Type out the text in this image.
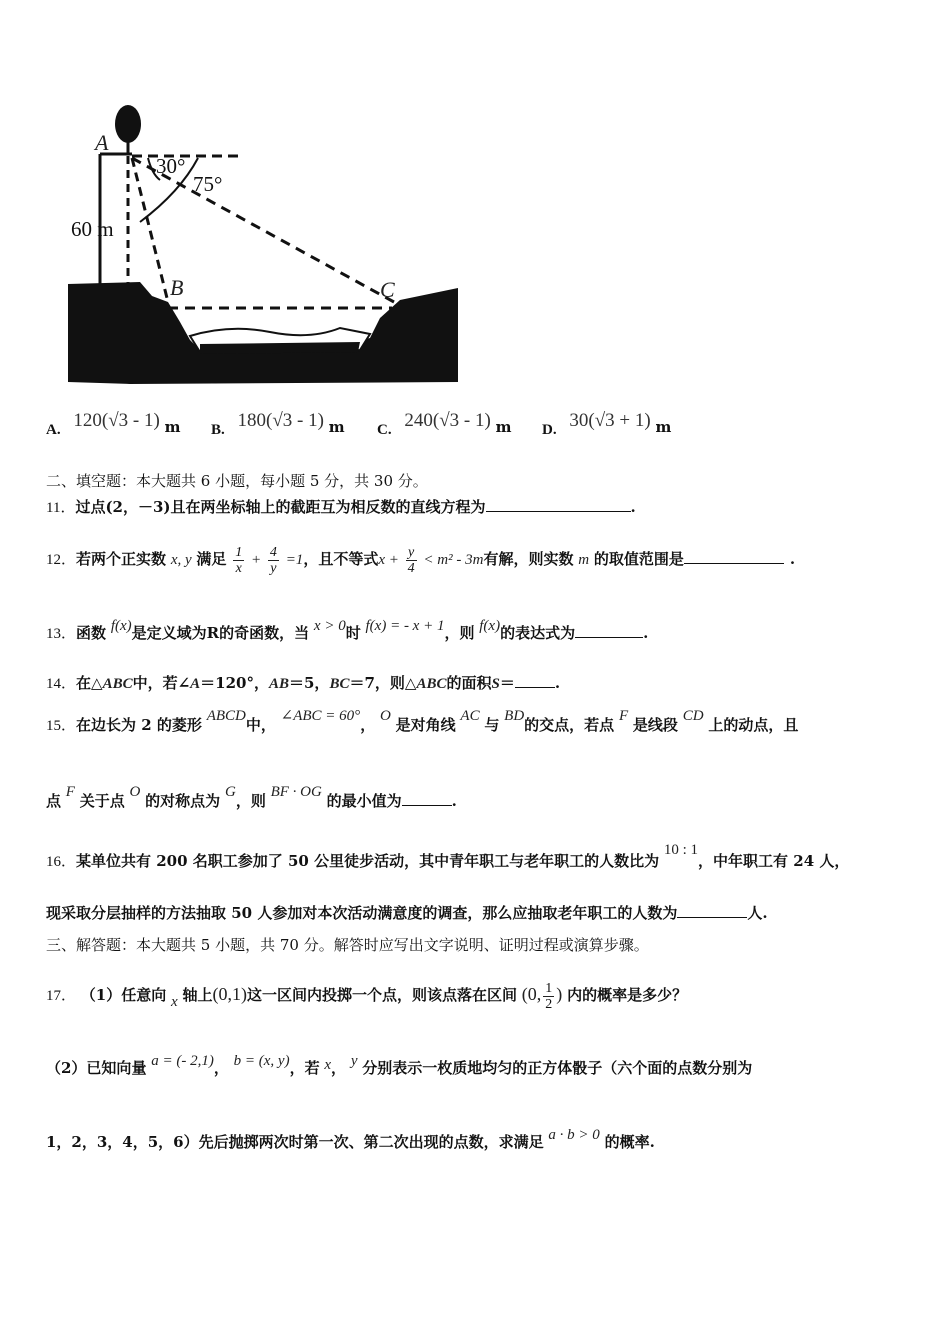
A
B	C
30°
75°
60 m
A. 120(√3 - 1) m B. 180(√3 - 1) m C. 240(√3 - 1) m D. 30(√3 + 1) m
二、填空题：本大题共 6 小题，每小题 5 分，共 30 分。
11．过点(2，－3)且在两坐标轴上的截距互为相反数的直线方程为	.
12．若两个正实数 x, y 满足 $\frac{1}{x} + \frac{4}{y} =1$，且不等式$x + \frac{y}{4} < m^2 - 3m$有解，则实数 m 的取值范围是	.
13．函数 f(x)是定义域为R的奇函数，当 x > 0时 f(x) = - x + 1，则 f(x)的表达式为	.
14．在△ABC中，若∠A＝120°，AB＝5，BC＝7，则△ABC的面积S＝	.
15．在边长为 2 的菱形 ABCD中， ∠ABC = 60°， O 是对角线 AC 与 BD的交点，若点 F 是线段 CD 上的动点，且
点 F 关于点 O 的对称点为 G，则 BF · OG 的最小值为	.
16．某单位共有 200 名职工参加了 50 公里徒步活动，其中青年职工与老年职工的人数比为 10 : 1，中年职工有 24 人，
现采取分层抽样的方法抽取 50 人参加对本次活动满意度的调查，那么应抽取老年职工的人数为	人.
三、解答题：本大题共 5 小题，共 70 分。解答时应写出文字说明、证明过程或演算步骤。
17． （1）任意向 x 轴上(0,1)这一区间内投掷一个点，则该点落在区间 (0, $\frac{1}{2}$ ) 内的概率是多少？
（2）已知向量 a = (- 2,1)， b = (x, y)，若 x， y 分别表示一枚质地均匀的正方体骰子（六个面的点数分别为
1，2，3，4，5，6）先后抛掷两次时第一次、第二次出现的点数，求满足 a · b > 0 的概率.
